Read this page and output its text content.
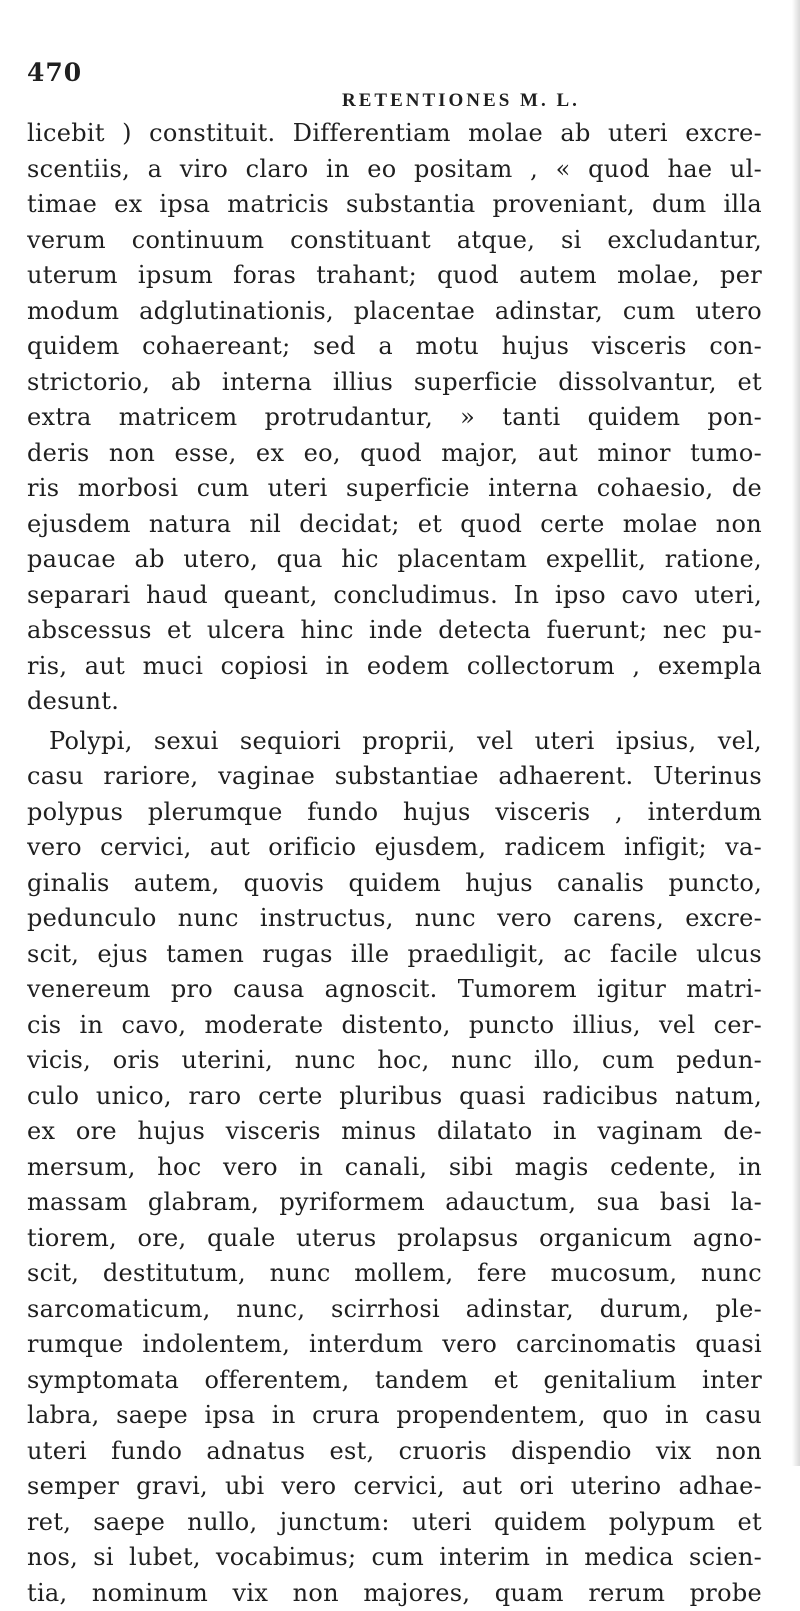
470
RETENTIONES M. L.
licebit ) constituit. Differentiam molae ab uteri excre-
scentiis, a viro claro in eo positam , « quod hae ul-
timae ex ipsa matricis substantia proveniant, dum illa
verum continuum constituant atque, si excludantur,
uterum ipsum foras trahant; quod autem molae, per
modum adglutinationis, placentae adinstar, cum utero
quidem cohaereant; sed a motu hujus visceris con-
strictorio, ab interna illius superficie dissolvantur, et
extra matricem protrudantur, » tanti quidem pon-
deris non esse, ex eo, quod major, aut minor tumo-
ris morbosi cum uteri superficie interna cohaesio, de
ejusdem natura nil decidat; et quod certe molae non
paucae ab utero, qua hic placentam expellit, ratione,
separari haud queant, concludimus. In ipso cavo uteri,
abscessus et ulcera hinc inde detecta fuerunt; nec pu-
ris, aut muci copiosi in eodem collectorum , exempla
desunt.
Polypi, sexui sequiori proprii, vel uteri ipsius, vel,
casu rariore, vaginae substantiae adhaerent. Uterinus
polypus plerumque fundo hujus visceris , interdum
vero cervici, aut orificio ejusdem, radicem infigit; va-
ginalis autem, quovis quidem hujus canalis puncto,
pedunculo nunc instructus, nunc vero carens, excre-
scit, ejus tamen rugas ille praedıligit, ac facile ulcus
venereum pro causa agnoscit. Tumorem igitur matri-
cis in cavo, moderate distento, puncto illius, vel cer-
vicis, oris uterini, nunc hoc, nunc illo, cum pedun-
culo unico, raro certe pluribus quasi radicibus natum,
ex ore hujus visceris minus dilatato in vaginam de-
mersum, hoc vero in canali, sibi magis cedente, in
massam glabram, pyriformem adauctum, sua basi la-
tiorem, ore, quale uterus prolapsus organicum agno-
scit, destitutum, nunc mollem, fere mucosum, nunc
sarcomaticum, nunc, scirrhosi adinstar, durum, ple-
rumque indolentem, interdum vero carcinomatis quasi
symptomata offerentem, tandem et genitalium inter
labra, saepe ipsa in crura propendentem, quo in casu
uteri fundo adnatus est, cruoris dispendio vix non
semper gravi, ubi vero cervici, aut ori uterino adhae-
ret, saepe nullo, junctum: uteri quidem polypum et
nos, si lubet, vocabimus; cum interim in medica scien-
tia, nominum vix non majores, quam rerum probe
